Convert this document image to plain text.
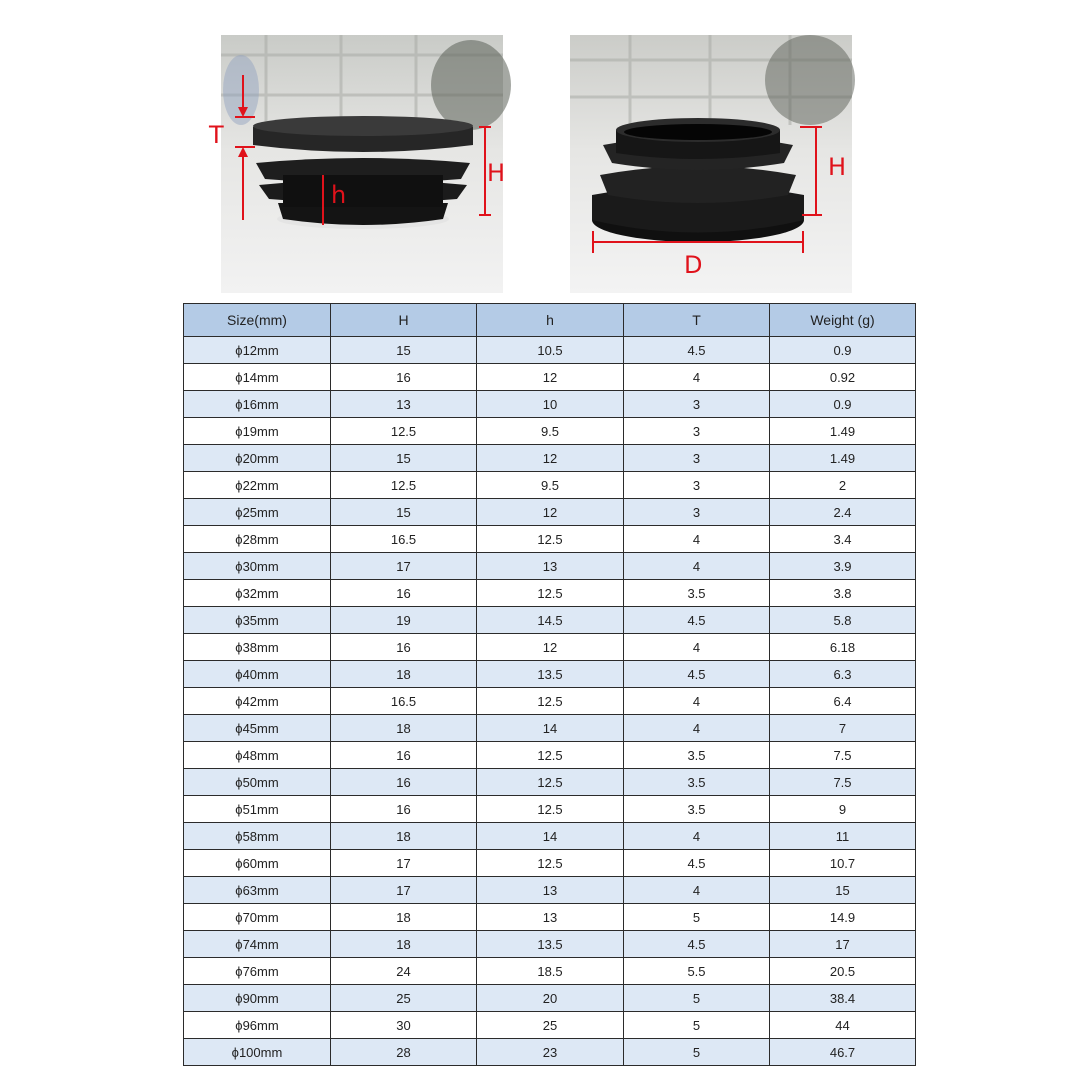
T
h
H	H
D
Size(mm)	H	h	T	Weight (g)
ϕ12mm	15	10.5	4.5	0.9
ϕ14mm	16	12	4	0.92
ϕ16mm	13	10	3	0.9
ϕ19mm	12.5	9.5	3	1.49
ϕ20mm	15	12	3	1.49
ϕ22mm	12.5	9.5	3	2
ϕ25mm	15	12	3	2.4
ϕ28mm	16.5	12.5	4	3.4
ϕ30mm	17	13	4	3.9
ϕ32mm	16	12.5	3.5	3.8
ϕ35mm	19	14.5	4.5	5.8
ϕ38mm	16	12	4	6.18
ϕ40mm	18	13.5	4.5	6.3
ϕ42mm	16.5	12.5	4	6.4
ϕ45mm	18	14	4	7
ϕ48mm	16	12.5	3.5	7.5
ϕ50mm	16	12.5	3.5	7.5
ϕ51mm	16	12.5	3.5	9
ϕ58mm	18	14	4	11
ϕ60mm	17	12.5	4.5	10.7
ϕ63mm	17	13	4	15
ϕ70mm	18	13	5	14.9
ϕ74mm	18	13.5	4.5	17
ϕ76mm	24	18.5	5.5	20.5
ϕ90mm	25	20	5	38.4
ϕ96mm	30	25	5	44
ϕ100mm	28	23	5	46.7
